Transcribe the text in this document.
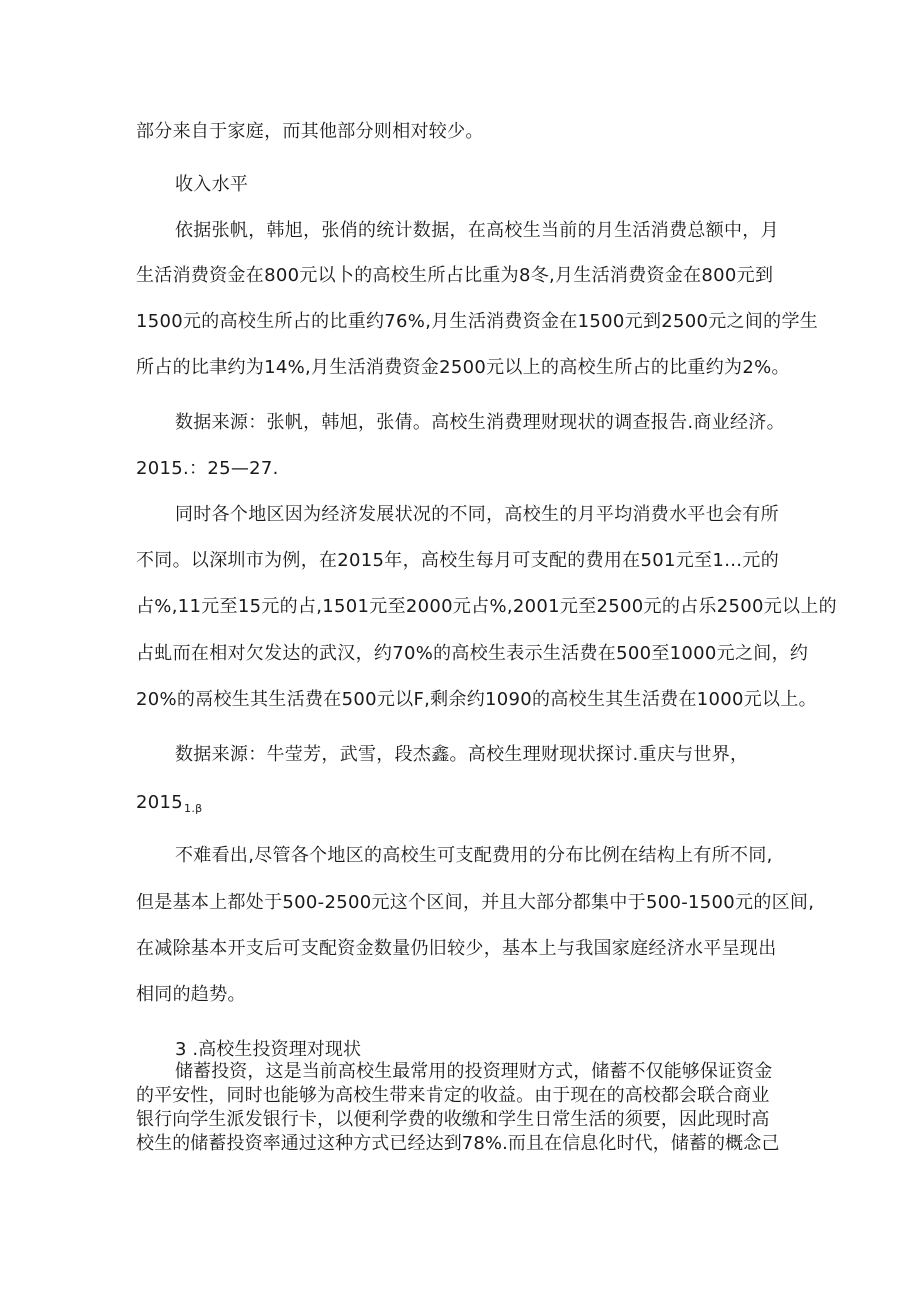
部分来自于家庭，而其他部分则相对较少。
收入水平
依据张帆，韩旭，张俏的统计数据，在高校生当前的月生活消费总额中，月
生活消费资金在800元以卜的高校生所占比重为8冬,月生活消费资金在800元到
1500元的高校生所占的比重约76%,月生活消费资金在1500元到2500元之间的学生
所占的比聿约为14%,月生活消费资金2500元以上的高校生所占的比重约为2%。
数据来源：张帆，韩旭，张倩。高校生消费理财现状的调查报告.商业经济。
2015.：25—27.
同时各个地区因为经济发展状况的不同，高校生的月平均消费水平也会有所
不同。以深圳市为例，在2015年，高校生每月可支配的费用在501元至1…元的
占%,11元至15元的占,1501元至2000元占%,2001元至2500元的占乐2500元以上的
占虬而在相对欠发达的武汉，约70%的高校生表示生活费在500至1000元之间，约
20%的鬲校生其生活费在500元以F,剩余约1090的高校生其生活费在1000元以上。
数据来源：牛莹芳，武雪，段杰鑫。高校生理财现状探讨.重庆与世界，
$2015_{1.\beta}$
不难看出,尽管各个地区的高校生可支配费用的分布比例在结构上有所不同,
但是基本上都处于500-2500元这个区间，并且大部分都集中于500-1500元的区间,
在减除基本开支后可支配资金数量仍旧较少，基本上与我国家庭经济水平呈现出
相同的趋势。
3 .高校生投资理对现状
储蓄投资，这是当前高校生最常用的投资理财方式，储蓄不仅能够保证资金
的平安性，同时也能够为高校生带来肯定的收益。由于现在的高校都会联合商业
银行向学生派发银行卡，以便利学费的收缴和学生日常生活的须要，因此现时高
校生的储蓄投资率通过这种方式已经达到78%.而且在信息化时代，储蓄的概念己
